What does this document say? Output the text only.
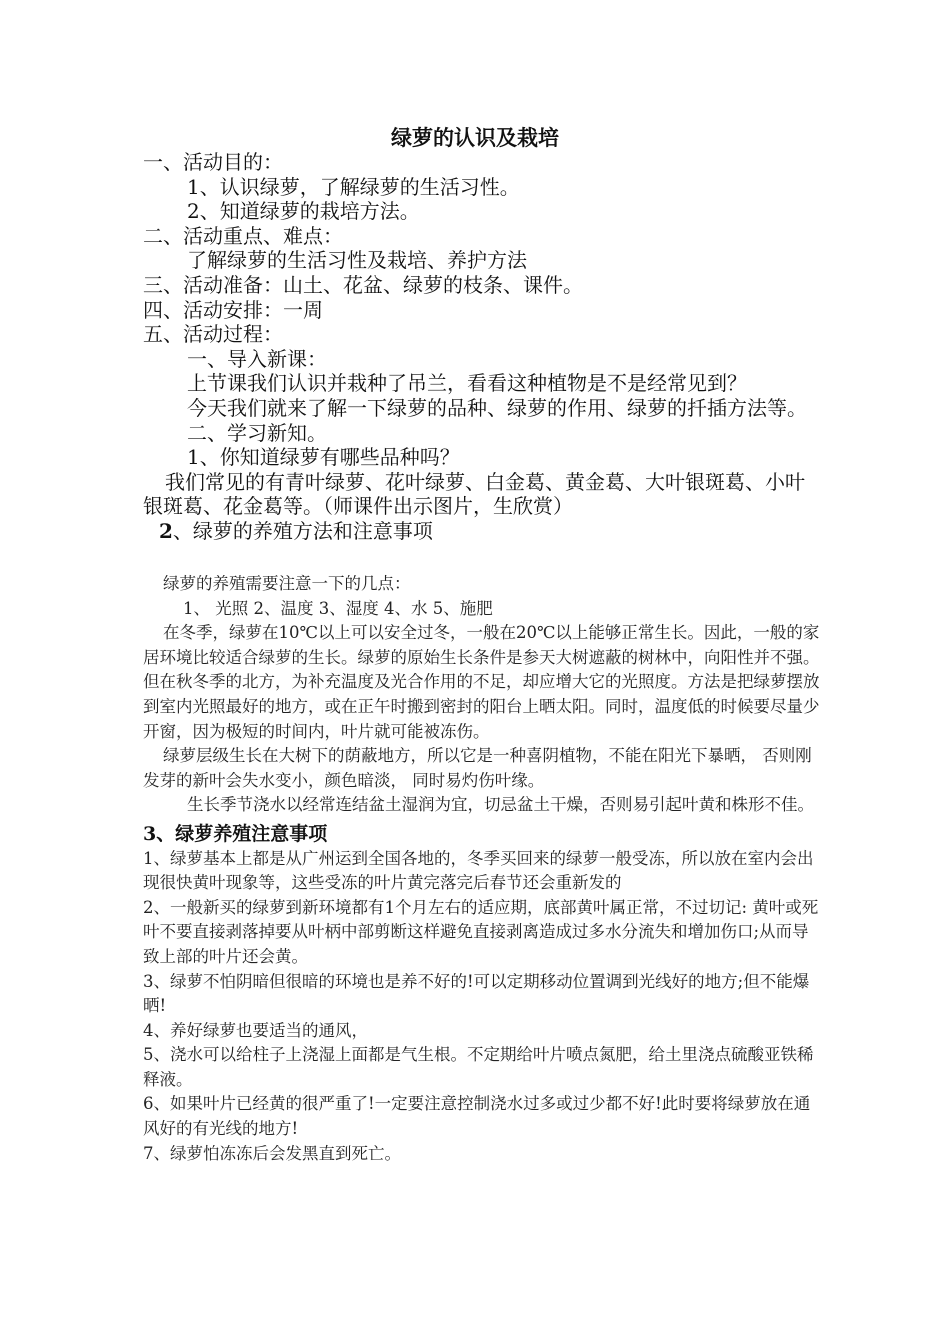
绿萝的认识及栽培

一、活动目的：

1、认识绿萝，了解绿萝的生活习性。

2、知道绿萝的栽培方法。

二、活动重点、难点：

了解绿萝的生活习性及栽培、养护方法

三、活动准备：山土、花盆、绿萝的枝条、课件。

四、活动安排：一周

五、活动过程：

一、导入新课：

上节课我们认识并栽种了吊兰，看看这种植物是不是经常见到？

今天我们就来了解一下绿萝的品种、绿萝的作用、绿萝的扦插方法等。

二、学习新知。

1、你知道绿萝有哪些品种吗？

我们常见的有青叶绿萝、花叶绿萝、白金葛、黄金葛、大叶银斑葛、小叶银斑葛、花金葛等。（师课件出示图片，生欣赏）

2、绿萝的养殖方法和注意事项

绿萝的养殖需要注意一下的几点：

1、 光照 2、温度 3、湿度 4、水 5、施肥

在冬季，绿萝在10℃以上可以安全过冬，一般在20℃以上能够正常生长。因此，一般的家居环境比较适合绿萝的生长。绿萝的原始生长条件是参天大树遮蔽的树林中，向阳性并不强。但在秋冬季的北方，为补充温度及光合作用的不足，却应增大它的光照度。方法是把绿萝摆放到室内光照最好的地方，或在正午时搬到密封的阳台上晒太阳。同时，温度低的时候要尽量少开窗，因为极短的时间内，叶片就可能被冻伤。

绿萝层级生长在大树下的荫蔽地方，所以它是一种喜阴植物，不能在阳光下暴晒， 否则刚发芽的新叶会失水变小，颜色暗淡， 同时易灼伤叶缘。

生长季节浇水以经常连结盆土湿润为宜，切忌盆土干燥，否则易引起叶黄和株形不佳。

3、绿萝养殖注意事项

1、绿萝基本上都是从广州运到全国各地的，冬季买回来的绿萝一般受冻，所以放在室内会出现很快黄叶现象等，这些受冻的叶片黄完落完后春节还会重新发的

2、一般新买的绿萝到新环境都有1个月左右的适应期，底部黄叶属正常，不过切记: 黄叶或死叶不要直接剥落掉要从叶柄中部剪断这样避免直接剥离造成过多水分流失和增加伤口;从而导致上部的叶片还会黄。

3、绿萝不怕阴暗但很暗的环境也是养不好的!可以定期移动位置调到光线好的地方;但不能爆晒!

4、养好绿萝也要适当的通风，

5、浇水可以给柱子上浇湿上面都是气生根。不定期给叶片喷点氮肥，给土里浇点硫酸亚铁稀释液。

6、如果叶片已经黄的很严重了!一定要注意控制浇水过多或过少都不好!此时要将绿萝放在通风好的有光线的地方!

7、绿萝怕冻冻后会发黑直到死亡。
